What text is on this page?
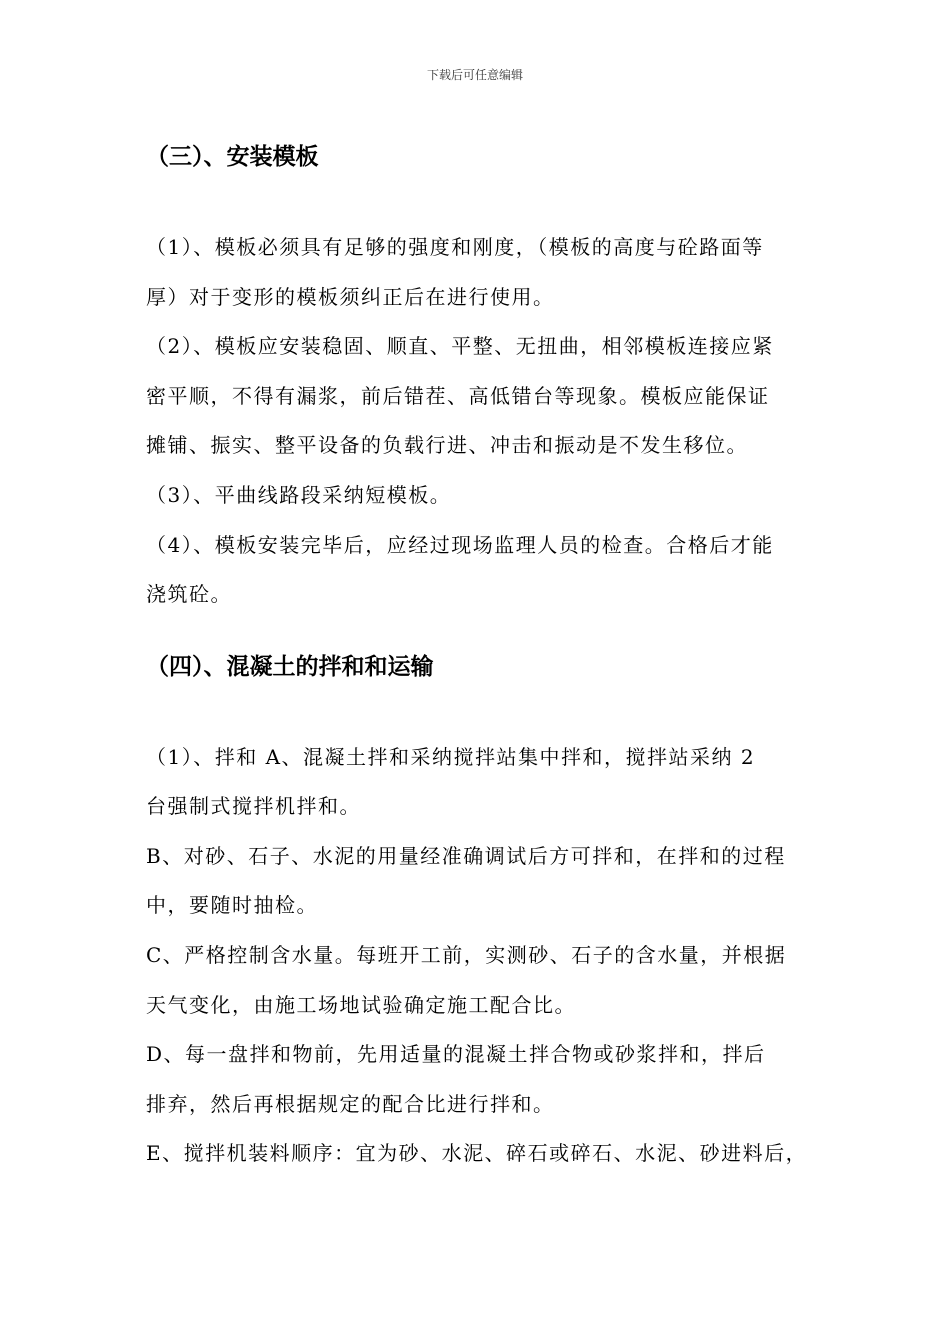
下载后可任意编辑
（三）、安装模板
（1）、模板必须具有足够的强度和刚度，（模板的高度与砼路面等
厚）对于变形的模板须纠正后在进行使用。
（2）、模板应安装稳固、顺直、平整、无扭曲，相邻模板连接应紧
密平顺，不得有漏浆，前后错茬、高低错台等现象。模板应能保证
摊铺、振实、整平设备的负载行进、冲击和振动是不发生移位。
（3）、平曲线路段采纳短模板。
（4）、模板安装完毕后，应经过现场监理人员的检查。合格后才能
浇筑砼。
（四）、混凝土的拌和和运输
（1）、拌和 A、混凝土拌和采纳搅拌站集中拌和，搅拌站采纳 2
台强制式搅拌机拌和。
B、对砂、石子、水泥的用量经准确调试后方可拌和，在拌和的过程
中，要随时抽检。
C、严格控制含水量。每班开工前，实测砂、石子的含水量，并根据
天气变化，由施工场地试验确定施工配合比。
D、每一盘拌和物前，先用适量的混凝土拌合物或砂浆拌和，拌后
排弃，然后再根据规定的配合比进行拌和。
E、搅拌机装料顺序：宜为砂、水泥、碎石或碎石、水泥、砂进料后，
